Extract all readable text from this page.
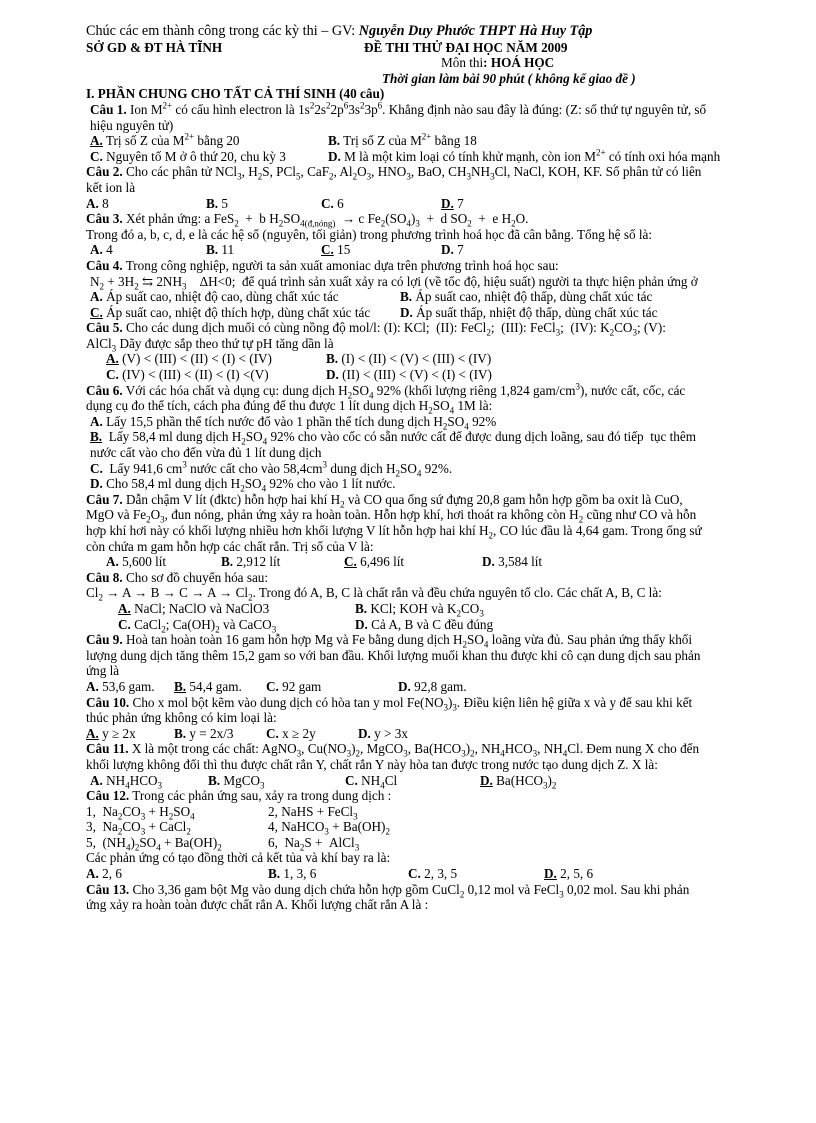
Chúc các em thành công trong các kỳ thi – GV: Nguyễn Duy Phước THPT Hà Huy Tập
SỞ GD & ĐT HÀ TĨNH	ĐỀ THI THỬ ĐẠI HỌC NĂM 2009
Môn thi: HOÁ HỌC
Thời gian làm bài 90 phút ( không kể giao đề )
I. PHẦN CHUNG CHO TẤT CẢ THÍ SINH (40 câu)
Câu 1. Ion $M^{2+}$ có cấu hình electron là $1s^22s^22p^63s^23p^6$. Khẳng định nào sau đây là đúng: (Z: số thứ tự nguyên tử, số
hiệu nguyên tử)
A. Trị số Z của $M^{2+}$ bằng 20	B. Trị số Z của $M^{2+}$ bằng 18
C. Nguyên tố M ở ô thứ 20, chu kỳ 3	D. M là một kim loại có tính khử mạnh, còn ion $M^{2+}$ có tính oxi hóa mạnh
Câu 2. Cho các phân tử NCl$_3$, $H_2S$, PCl$_5$, CaF$_2$, $Al_2O_3$, $HNO_3$, BaO, $CH_3NH_3Cl$, NaCl, KOH, KF. Số phân tử có liên
kết ion là
A. 8	B. 5	C. 6	D. 7
Câu 3. Xét phản ứng: a FeS$_2$  +  b $H_2SO_{4(đ,nóng)} \to c$ $Fe_2(SO_4)_3 + d$ $SO_2 + e$ $H_2O$.
Trong đó a, b, c, d, e là các hệ số (nguyên, tối giản) trong phương trình hoá học đã cân bằng. Tổng hệ số là:
A. 4	B. 11	C. 15	D. 7
Câu 4. Trong công nghiệp, người ta sản xuất amoniac dựa trên phương trình hoá học sau:
$N_2 + 3H_2$ ⇆ $2NH_3$    ΔH<0;  để quá trình sản xuất xảy ra có lợi (về tốc độ, hiệu suất) người ta thực hiện phản ứng ở
A. Áp suất cao, nhiệt độ cao, dùng chất xúc tác	B. Áp suất cao, nhiệt độ thấp, dùng chất xúc tác
C. Áp suất cao, nhiệt độ thích hợp, dùng chất xúc tác	D. Áp suất thấp, nhiệt độ thấp, dùng chất xúc tác
Câu 5. Cho các dung dịch muối có cùng nồng độ mol/l: (I): KCl;  (II): FeCl$_2$;  (III): FeCl$_3$;  (IV): $K_2CO_3$; (V):
AlCl$_3$ Dãy được sắp theo thứ tự pH tăng dần là
A. (V) < (III) < (II) < (I) < (IV)	B. (I) < (II) < (V) < (III) < (IV)
C. (IV) < (III) < (II) < (I) <(V)	D. (II) < (III) < (V) < (I) < (IV)
Câu 6. Với các hóa chất và dụng cụ: dung dịch $H_2SO_4$ 92% (khối lượng riêng 1,824 gam/$cm^3$), nước cất, cốc, các
dụng cụ đo thể tích, cách pha đúng để thu được 1 lít dung dịch $H_2SO_4$ 1M là:
A. Lấy 15,5 phần thể tích nước đổ vào 1 phần thể tích dung dịch $H_2SO_4$ 92%
B.  Lấy 58,4 ml dung dịch $H_2SO_4$ 92% cho vào cốc có sẵn nước cất để được dung dịch loãng, sau đó tiếp  tục thêm
nước cất vào cho đến vừa đủ 1 lít dung dịch
C.  Lấy 941,6 $cm^3$ nước cất cho vào $58,4cm^3$ dung dịch $H_2SO_4$ 92%.
D. Cho 58,4 ml dung dịch $H_2SO_4$ 92% cho vào 1 lít nước.
Câu 7. Dẫn chậm V lít (đktc) hỗn hợp hai khí $H_2$ và CO qua ống sứ đựng 20,8 gam hỗn hợp gồm ba oxit là CuO,
MgO và $Fe_2O_3$, đun nóng, phản ứng xảy ra hoàn toàn. Hỗn hợp khí, hơi thoát ra không còn $H_2$ cũng như CO và hỗn
hợp khí hơi này có khối lượng nhiều hơn khối lượng V lít hỗn hợp hai khí $H_2$, CO lúc đầu là 4,64 gam. Trong ống sứ
còn chứa m gam hỗn hợp các chất rắn. Trị số của V là:
A. 5,600 lít	B. 2,912 lít	C. 6,496 lít	D. 3,584 lít
Câu 8. Cho sơ đồ chuyển hóa sau:
$Cl_2 \to A \to B \to C \to A \to Cl_2$. Trong đó A, B, C là chất rắn và đều chứa nguyên tố clo. Các chất A, B, C là:
A. NaCl; NaClO và NaClO3	B. KCl; KOH và $K_2CO_3$
C. CaCl$_2$; $Ca(OH)_2$ và CaCO$_3$	D. Cả A, B và C đều đúng
Câu 9. Hoà tan hoàn toàn 16 gam hỗn hợp Mg và Fe bằng dung dịch $H_2SO_4$ loãng vừa đủ. Sau phản ứng thấy khối
lượng dung dịch tăng thêm 15,2 gam so với ban đầu. Khối lượng muối khan thu được khi cô cạn dung dịch sau phản
ứng là
A. 53,6 gam.	B. 54,4 gam.	C. 92 gam	D. 92,8 gam.
Câu 10. Cho x mol bột kẽm vào dung dịch có hòa tan y mol $Fe(NO_3)_3$. Điều kiện liên hệ giữa x và y để sau khi kết
thúc phản ứng không có kim loại là:
A. y ≥ 2x	B. y = 2x/3	C. x ≥ 2y	D. y > 3x
Câu 11. X là một trong các chất: AgNO$_3$, $Cu(NO_3)_2$, MgCO$_3$, $Ba(HCO_3)_2$, $NH_4HCO_3$, $NH_4Cl$. Đem nung X cho đến
khối lượng không đổi thì thu được chất rắn Y, chất rắn Y này hòa tan được trong nước tạo dung dịch Z. X là:
A. $NH_4HCO_3$	B. MgCO$_3$	C. $NH_4Cl$	D. $Ba(HCO_3)_2$
Câu 12. Trong các phản ứng sau, xảy ra trong dung dịch :
1,  $Na_2CO_3 + H_2SO_4$	2, NaHS + FeCl$_3$
3,  $Na_2CO_3$ + CaCl$_2$	4, NaHCO$_3$ + $Ba(OH)_2$
5,  $(NH_4)_2SO_4 + Ba(OH)_2$	6,  $Na_2S$ +  AlCl$_3$
Các phản ứng có tạo đồng thời cả kết tủa và khí bay ra là:
A. 2, 6	B. 1, 3, 6	C. 2, 3, 5	D. 2, 5, 6
Câu 13. Cho 3,36 gam bột Mg vào dung dịch chứa hỗn hợp gồm CuCl$_2$ 0,12 mol và FeCl$_3$ 0,02 mol. Sau khi phản
ứng xảy ra hoàn toàn được chất rắn A. Khối lượng chất rắn A là :
